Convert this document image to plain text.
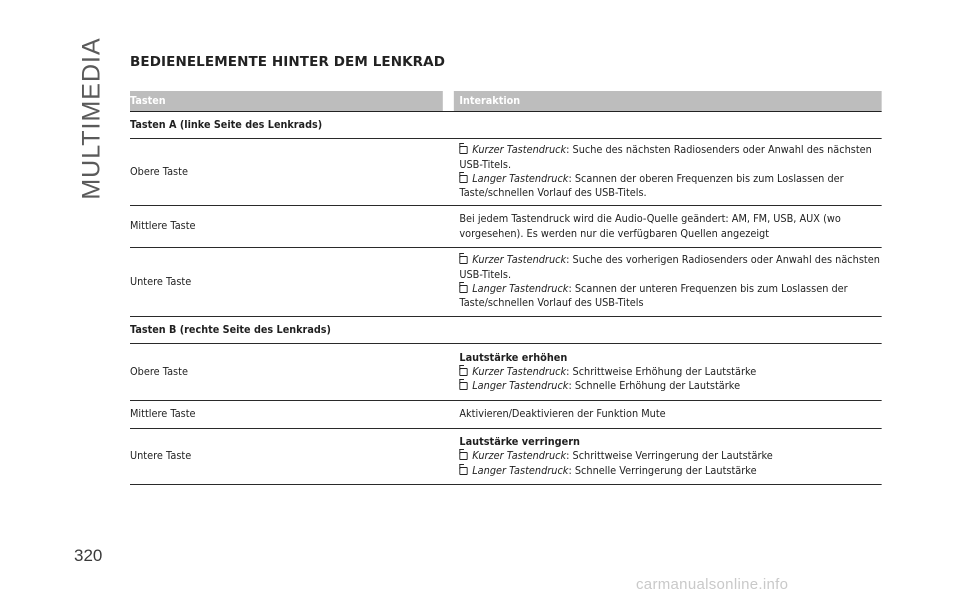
MULTIMEDIA BEDIENELEMENTE HINTER DEM LENKRAD
Tasten	Interaktion
Tasten A (linke Seite des Lenkrads)
Obere Taste
Kurzer Tastendruck: Suche des nächsten Radiosenders oder Anwahl des nächsten USB-Titels.
Langer Tastendruck: Scannen der oberen Frequenzen bis zum Loslassen der Taste/schnellen Vorlauf des USB-Titels.
Mittlere Taste
Bei jedem Tastendruck wird die Audio-Quelle geändert: AM, FM, USB, AUX (wo vorgesehen). Es werden nur die verfügbaren Quellen angezeigt
Untere Taste
Kurzer Tastendruck: Suche des vorherigen Radiosenders oder Anwahl des nächsten USB-Titels.
Langer Tastendruck: Scannen der unteren Frequenzen bis zum Loslassen der Taste/schnellen Vorlauf des USB-Titels
Tasten B (rechte Seite des Lenkrads)
Obere Taste
Lautstärke erhöhen
Kurzer Tastendruck: Schrittweise Erhöhung der Lautstärke
Langer Tastendruck: Schnelle Erhöhung der Lautstärke
Mittlere Taste	Aktivieren/Deaktivieren der Funktion Mute
Untere Taste
Lautstärke verringern
Kurzer Tastendruck: Schrittweise Verringerung der Lautstärke
Langer Tastendruck: Schnelle Verringerung der Lautstärke
320
carmanualsonline.info
